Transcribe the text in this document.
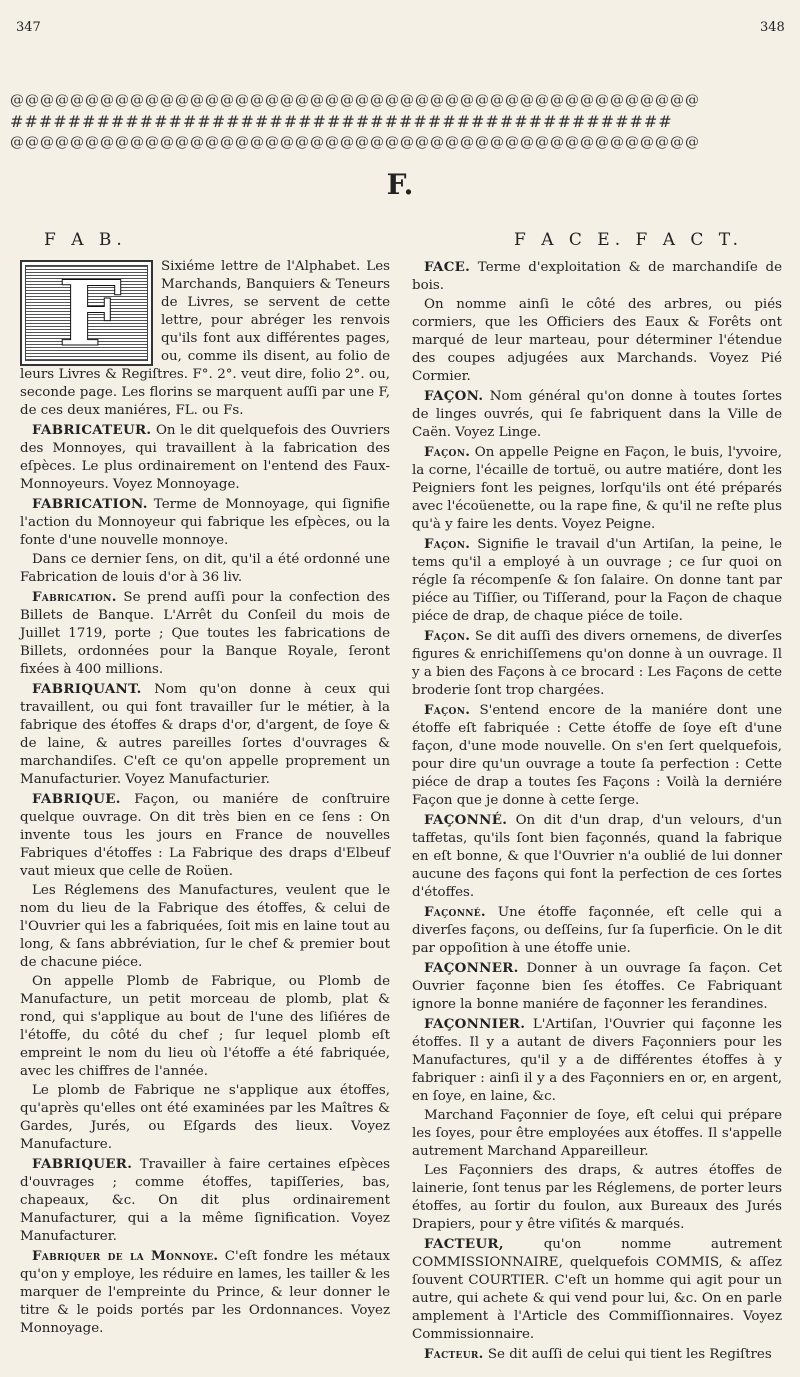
347	348
@@@@@@@@@@@@@@@@@@@@@@@@@@@@@@@@@@@@@@@@@@@@@@
##############################################
@@@@@@@@@@@@@@@@@@@@@@@@@@@@@@@@@@@@@@@@@@@@@@
F.
F A B.	F A C E. F A C T.
F	Sixiéme lettre de l'Alphabet. Les Marchands, Banquiers & Teneurs de Livres, se servent de cette lettre, pour abréger les renvois qu'ils font aux différentes pages, ou, comme ils disent, au folio de leurs Livres & Regiſtres. F°. 2°. veut dire, folio 2°. ou, seconde page. Les florins se marquent auſſi par une F, de ces deux maniéres, FL. ou Fs.

FABRICATEUR. On le dit quelquefois des Ouvriers des Monnoyes, qui travaillent à la fabrication des eſpèces. Le plus ordinairement on l'entend des Faux-Monnoyeurs. Voyez Monnoyage.

FABRICATION. Terme de Monnoyage, qui ſignifie l'action du Monnoyeur qui fabrique les eſpèces, ou la fonte d'une nouvelle monnoye.

Dans ce dernier ſens, on dit, qu'il a été ordonné une Fabrication de louis d'or à 36 liv.

Fabrication. Se prend auſſi pour la confection des Billets de Banque. L'Arrêt du Conſeil du mois de Juillet 1719, porte ; Que toutes les fabrications de Billets, ordonnées pour la Banque Royale, ſeront fixées à 400 millions.

FABRIQUANT. Nom qu'on donne à ceux qui travaillent, ou qui font travailler ſur le métier, à la fabrique des étoffes & draps d'or, d'argent, de ſoye & de laine, & autres pareilles ſortes d'ouvrages & marchandiſes. C'eſt ce qu'on appelle proprement un Manufacturier. Voyez Manufacturier.

FABRIQUE. Façon, ou maniére de conſtruire quelque ouvrage. On dit très bien en ce ſens : On invente tous les jours en France de nouvelles Fabriques d'étoffes : La Fabrique des draps d'Elbeuf vaut mieux que celle de Roüen.

Les Réglemens des Manufactures, veulent que le nom du lieu de la Fabrique des étoffes, & celui de l'Ouvrier qui les a fabriquées, ſoit mis en laine tout au long, & ſans abbréviation, ſur le chef & premier bout de chacune piéce.

On appelle Plomb de Fabrique, ou Plomb de Manufacture, un petit morceau de plomb, plat & rond, qui s'applique au bout de l'une des liſiéres de l'étoffe, du côté du chef ; ſur lequel plomb eſt empreint le nom du lieu où l'étoffe a été fabriquée, avec les chiffres de l'année.

Le plomb de Fabrique ne s'applique aux étoffes, qu'après qu'elles ont été examinées par les Maîtres & Gardes, Jurés, ou Eſgards des lieux. Voyez Manufacture.

FABRIQUER. Travailler à faire certaines eſpèces d'ouvrages ; comme étoffes, tapiſſeries, bas, chapeaux, &c. On dit plus ordinairement Manufacturer, qui a la même ſignification. Voyez Manufacturer.

Fabriquer de la Monnoye. C'eſt fondre les métaux qu'on y employe, les réduire en lames, les tailler & les marquer de l'empreinte du Prince, & leur donner le titre & le poids portés par les Ordonnances. Voyez Monnoyage.

FACE. Terme d'exploitation & de marchandiſe de bois.

On nomme ainſi le côté des arbres, ou piés cormiers, que les Officiers des Eaux & Forêts ont marqué de leur marteau, pour déterminer l'étendue des coupes adjugées aux Marchands. Voyez Pié Cormier.

FAÇON. Nom général qu'on donne à toutes ſortes de linges ouvrés, qui ſe fabriquent dans la Ville de Caën. Voyez Linge.

Façon. On appelle Peigne en Façon, le buis, l'yvoire, la corne, l'écaille de tortuë, ou autre matiére, dont les Peigniers font les peignes, lorſqu'ils ont été préparés avec l'écoüenette, ou la rape fine, & qu'il ne reſte plus qu'à y faire les dents. Voyez Peigne.

Façon. Signifie le travail d'un Artiſan, la peine, le tems qu'il a employé à un ouvrage ; ce ſur quoi on régle ſa récompenſe & ſon ſalaire. On donne tant par piéce au Tiſſier, ou Tiſſerand, pour la Façon de chaque piéce de drap, de chaque piéce de toile.

Façon. Se dit auſſi des divers ornemens, de diverſes figures & enrichiſſemens qu'on donne à un ouvrage. Il y a bien des Façons à ce brocard : Les Façons de cette broderie ſont trop chargées.

Façon. S'entend encore de la maniére dont une étoffe eſt fabriquée : Cette étoffe de ſoye eſt d'une façon, d'une mode nouvelle. On s'en ſert quelquefois, pour dire qu'un ouvrage a toute ſa perfection : Cette piéce de drap a toutes ſes Façons : Voilà la derniére Façon que je donne à cette ſerge.

FAÇONNÉ. On dit d'un drap, d'un velours, d'un taffetas, qu'ils ſont bien façonnés, quand la fabrique en eſt bonne, & que l'Ouvrier n'a oublié de lui donner aucune des façons qui font la perfection de ces ſortes d'étoffes.

Façonné. Une étoffe façonnée, eſt celle qui a diverſes façons, ou deſſeins, ſur ſa ſuperficie. On le dit par oppoſition à une étoffe unie.

FAÇONNER. Donner à un ouvrage ſa façon. Cet Ouvrier façonne bien ſes étoffes. Ce Fabriquant ignore la bonne maniére de façonner les ferandines.

FAÇONNIER. L'Artiſan, l'Ouvrier qui façonne les étoffes. Il y a autant de divers Façonniers pour les Manufactures, qu'il y a de différentes étoffes à y fabriquer : ainſi il y a des Façonniers en or, en argent, en ſoye, en laine, &c.

Marchand Façonnier de ſoye, eſt celui qui prépare les ſoyes, pour être employées aux étoffes. Il s'appelle autrement Marchand Appareilleur.

Les Façonniers des draps, & autres étoffes de lainerie, ſont tenus par les Réglemens, de porter leurs étoffes, au ſortir du foulon, aux Bureaux des Jurés Drapiers, pour y être viſités & marqués.

FACTEUR,	qu'on nomme autrement COMMISSIONNAIRE, quelquefois COMMIS, & aſſez ſouvent COURTIER. C'eſt un homme qui agit pour un autre, qui achete & qui vend pour lui, &c. On en parle amplement à l'Article des Commiſſionnaires. Voyez Commissionnaire.

Facteur. Se dit auſſi de celui qui tient les Regiſtres
